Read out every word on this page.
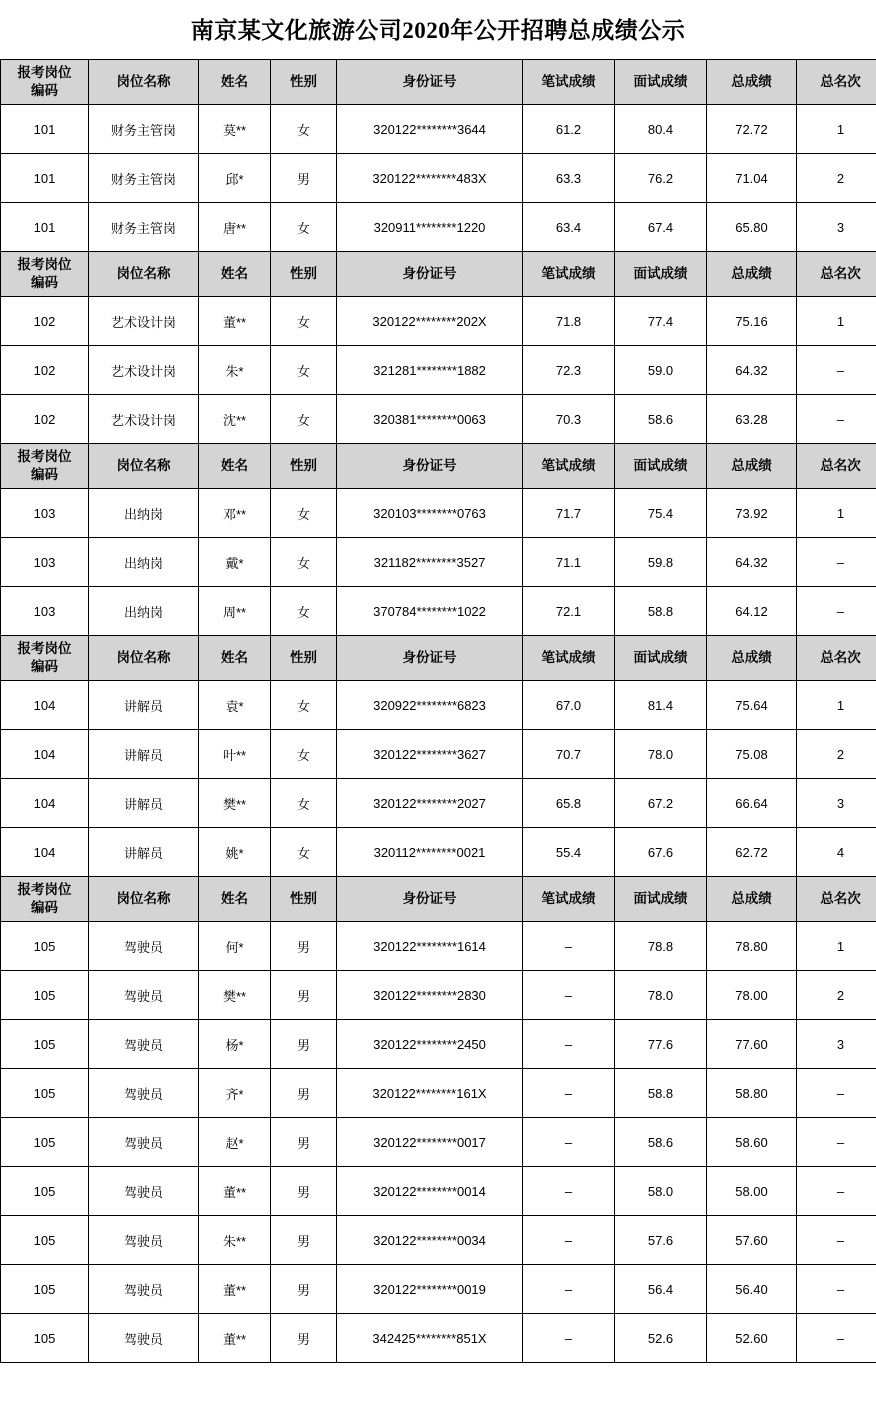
南京某文化旅游公司2020年公开招聘总成绩公示
报考岗位
编码	岗位名称	姓名	性别	身份证号	笔试成绩	面试成绩	总成绩	总名次
101	财务主管岗	莫**	女	320122********3644	61.2	80.4	72.72	1
101	财务主管岗	邱*	男	320122********483X	63.3	76.2	71.04	2
101	财务主管岗	唐**	女	320911********1220	63.4	67.4	65.80	3

报考岗位
编码	岗位名称	姓名	性别	身份证号	笔试成绩	面试成绩	总成绩	总名次
102	艺术设计岗	董**	女	320122********202X	71.8	77.4	75.16	1
102	艺术设计岗	朱*	女	321281********1882	72.3	59.0	64.32	–
102	艺术设计岗	沈**	女	320381********0063	70.3	58.6	63.28	–

报考岗位
编码	岗位名称	姓名	性别	身份证号	笔试成绩	面试成绩	总成绩	总名次
103	出纳岗	邓**	女	320103********0763	71.7	75.4	73.92	1
103	出纳岗	戴*	女	321182********3527	71.1	59.8	64.32	–
103	出纳岗	周**	女	370784********1022	72.1	58.8	64.12	–

报考岗位
编码	岗位名称	姓名	性别	身份证号	笔试成绩	面试成绩	总成绩	总名次
104	讲解员	袁*	女	320922********6823	67.0	81.4	75.64	1
104	讲解员	叶**	女	320122********3627	70.7	78.0	75.08	2
104	讲解员	樊**	女	320122********2027	65.8	67.2	66.64	3
104	讲解员	姚*	女	320112********0021	55.4	67.6	62.72	4

报考岗位
编码	岗位名称	姓名	性别	身份证号	笔试成绩	面试成绩	总成绩	总名次
105	驾驶员	何*	男	320122********1614	–	78.8	78.80	1
105	驾驶员	樊**	男	320122********2830	–	78.0	78.00	2
105	驾驶员	杨*	男	320122********2450	–	77.6	77.60	3
105	驾驶员	齐*	男	320122********161X	–	58.8	58.80	–
105	驾驶员	赵*	男	320122********0017	–	58.6	58.60	–
105	驾驶员	董**	男	320122********0014	–	58.0	58.00	–
105	驾驶员	朱**	男	320122********0034	–	57.6	57.60	–
105	驾驶员	董**	男	320122********0019	–	56.4	56.40	–
105	驾驶员	董**	男	342425********851X	–	52.6	52.60	–
